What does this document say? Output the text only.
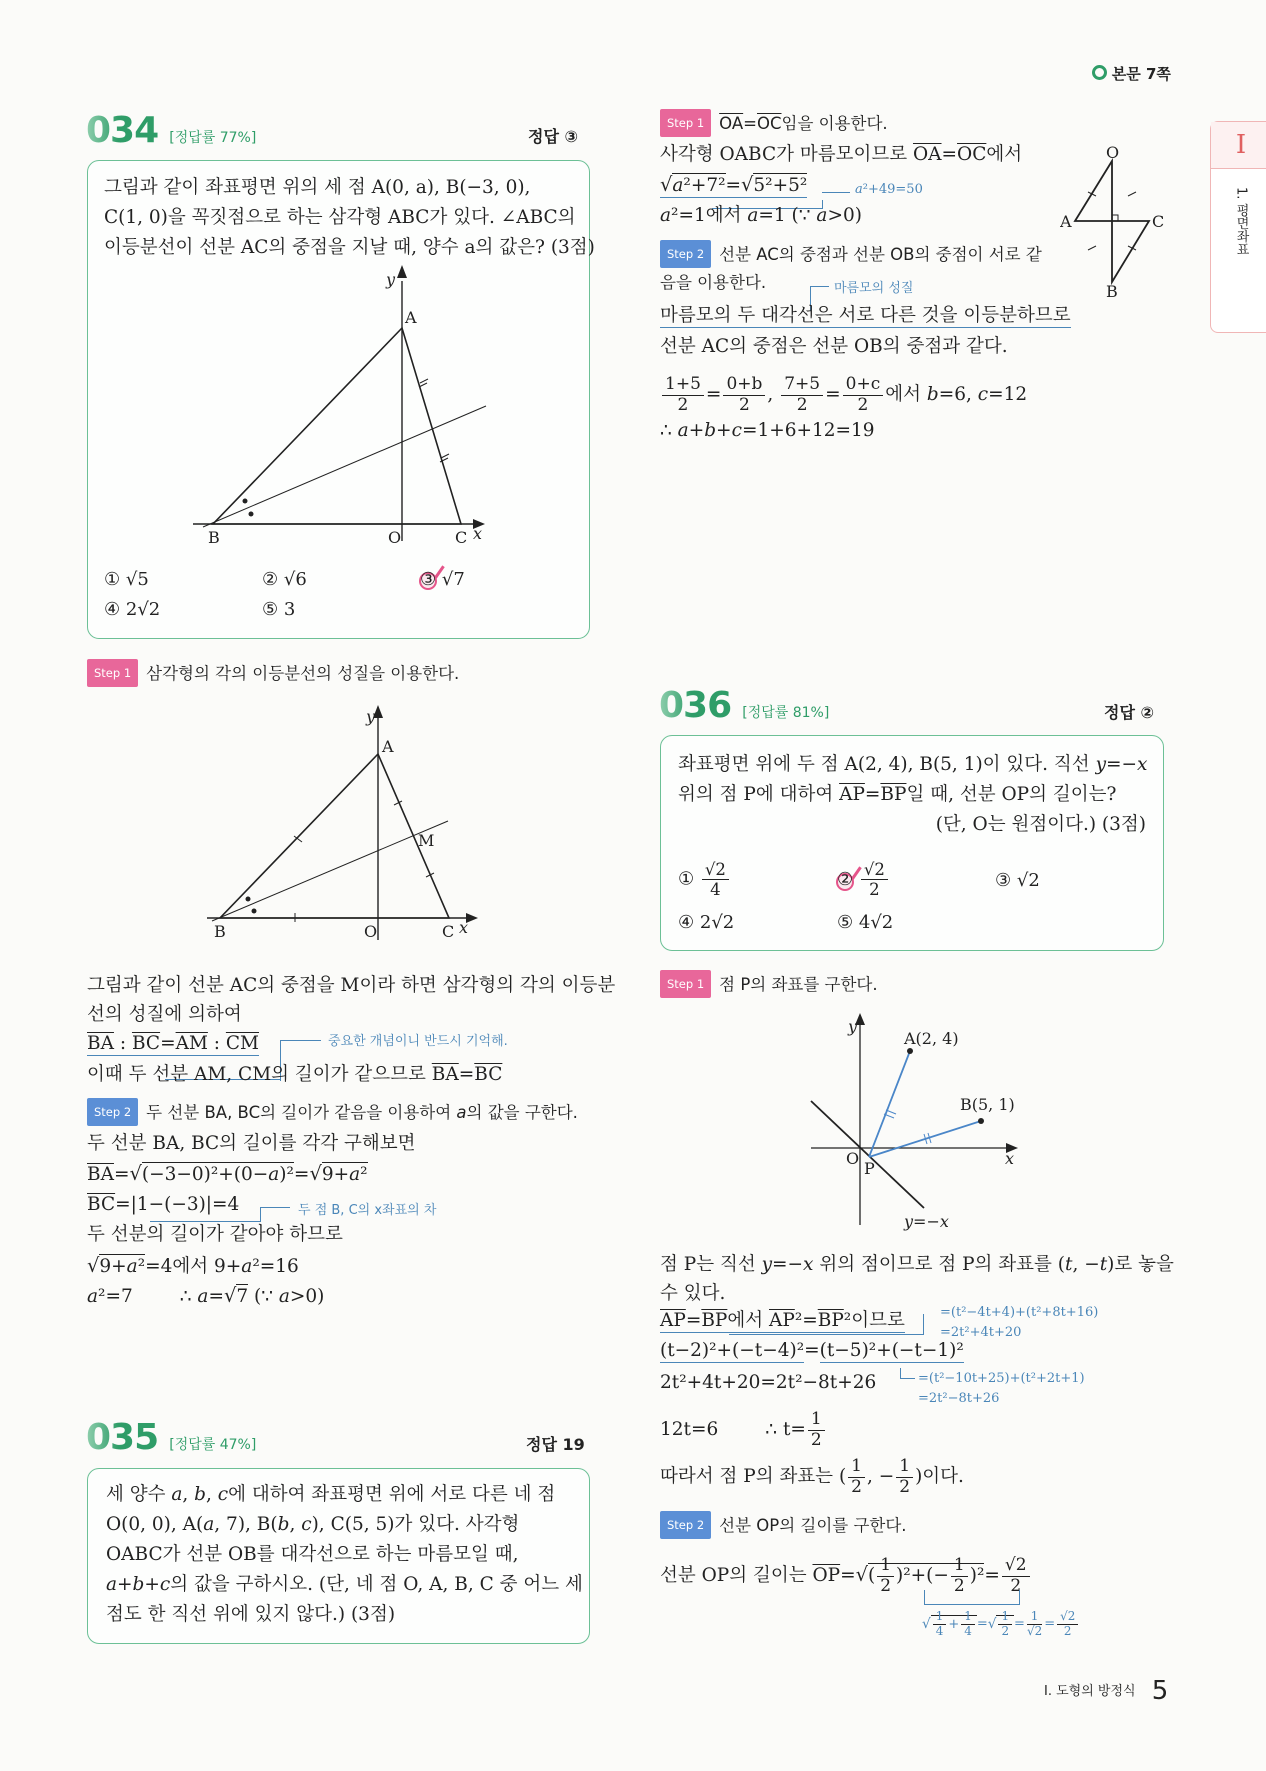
본문 7쪽
I
1. 평면좌표
I. 도형의 방정식 5
034 [정답률 77%]	정답 ③
그림과 같이 좌표평면 위의 세 점 A(0, a), B(−3, 0),
C(1, 0)을 꼭짓점으로 하는 삼각형 ABC가 있다. ∠ABC의
이등분선이 선분 AC의 중점을 지날 때, 양수 a의 값은? (3점)
A
B	C
O	x
y
① √5	② √6	③ √7
④ 2√2	⑤ 3
Step 1 삼각형의 각의 이등분선의 성질을 이용한다.
A
B	C
O
M
x
y
그림과 같이 선분 AC의 중점을 M이라 하면 삼각형의 각의 이등분
선의 성질에 의하여
$\overline{BA}$ : $\overline{BC}=\overline{AM}$ : $\overline{CM}$	중요한 개념이니 반드시 기억해.
이때 두 선분 AM, CM의 길이가 같으므로 $\overline{BA}=\overline{BC}$
Step 2 두 선분 BA, BC의 길이가 같음을 이용하여 a의 값을 구한다.
두 선분 BA, BC의 길이를 각각 구해보면
$\overline{BA}=√(-3-0)^2+(0-a)^2=√9+a^2$
$\overline{BC}=|1-(-3)|=4$	두 점 B, C의 x좌표의 차
두 선분의 길이가 같아야 하므로
√9+a²=4에서 9+a²=16
a²=7        ∴ a=√7 (∵ a>0)
035 [정답률 47%]	정답 19
세 양수 a, b, c에 대하여 좌표평면 위에 서로 다른 네 점
O(0, 0), A(a, 7), B(b, c), C(5, 5)가 있다. 사각형
OABC가 선분 OB를 대각선으로 하는 마름모일 때,
a+b+c의 값을 구하시오. (단, 네 점 O, A, B, C 중 어느 세
점도 한 직선 위에 있지 않다.) (3점)
Step 1 $\overline{OA}=\overline{OC}$임을 이용한다.
사각형 OABC가 마름모이므로 $\overline{OA}=\overline{OC}$에서
√a²+7²=√5²+5²	a²+49=50
a²=1에서 a=1 (∵ a>0)
Step 2 선분 AC의 중점과 선분 OB의 중점이 서로 같
음을 이용한다.	마름모의 성질
마름모의 두 대각선은 서로 다른 것을 이등분하므로
선분 AC의 중점은 선분 OB의 중점과 같다.
$\frac{1+5}{2} = \frac{0+b}{2}$ , $\frac{7+5}{2} = \frac{0+c}{2}$ 에서 b=6, c=12
∴ a+b+c=1+6+12=19
O
A	C
B
036 [정답률 81%]	정답 ②
좌표평면 위에 두 점 A(2, 4), B(5, 1)이 있다. 직선 y=−x
위의 점 P에 대하여 $\overline{AP}=\overline{BP}$일 때, 선분 OP의 길이는?
(단, O는 원점이다.) (3점)
① $\frac{√2}{4}$	② $\frac{√2}{2}$	③ √2
④ 2√2	⑤ 4√2
Step 1 점 P의 좌표를 구한다.
A(2, 4)
B(5, 1)
O
P
x
y
y=−x
점 P는 직선 y=−x 위의 점이므로 점 P의 좌표를 (t, −t)로 놓을
수 있다.
$\overline{AP}=\overline{BP}$에서 $\overline{AP}^2=\overline{BP}^2$이므로	=(t²−4t+4)+(t²+8t+16)
=2t²+4t+20
(t−2)²+(−t−4)²=(t−5)²+(−t−1)²
2t²+4t+20=2t²−8t+26	=(t²−10t+25)+(t²+2t+1)
=2t²−8t+26
12t=6        ∴ $t= \frac{1}{2}$
따라서 점 P의 좌표는 ( $\frac{1}{2}$ , − $\frac{1}{2}$ )이다.
Step 2 선분 OP의 길이를 구한다.
선분 OP의 길이는 $\overline{OP}=√( \frac{1}{2} )^2+(- \frac{1}{2} )^2= \frac{√2}{2}$
√ $\frac{1}{4} + \frac{1}{4}$ =√ $\frac{1}{2} = \frac{1}{√2} = \frac{√2}{2}$
